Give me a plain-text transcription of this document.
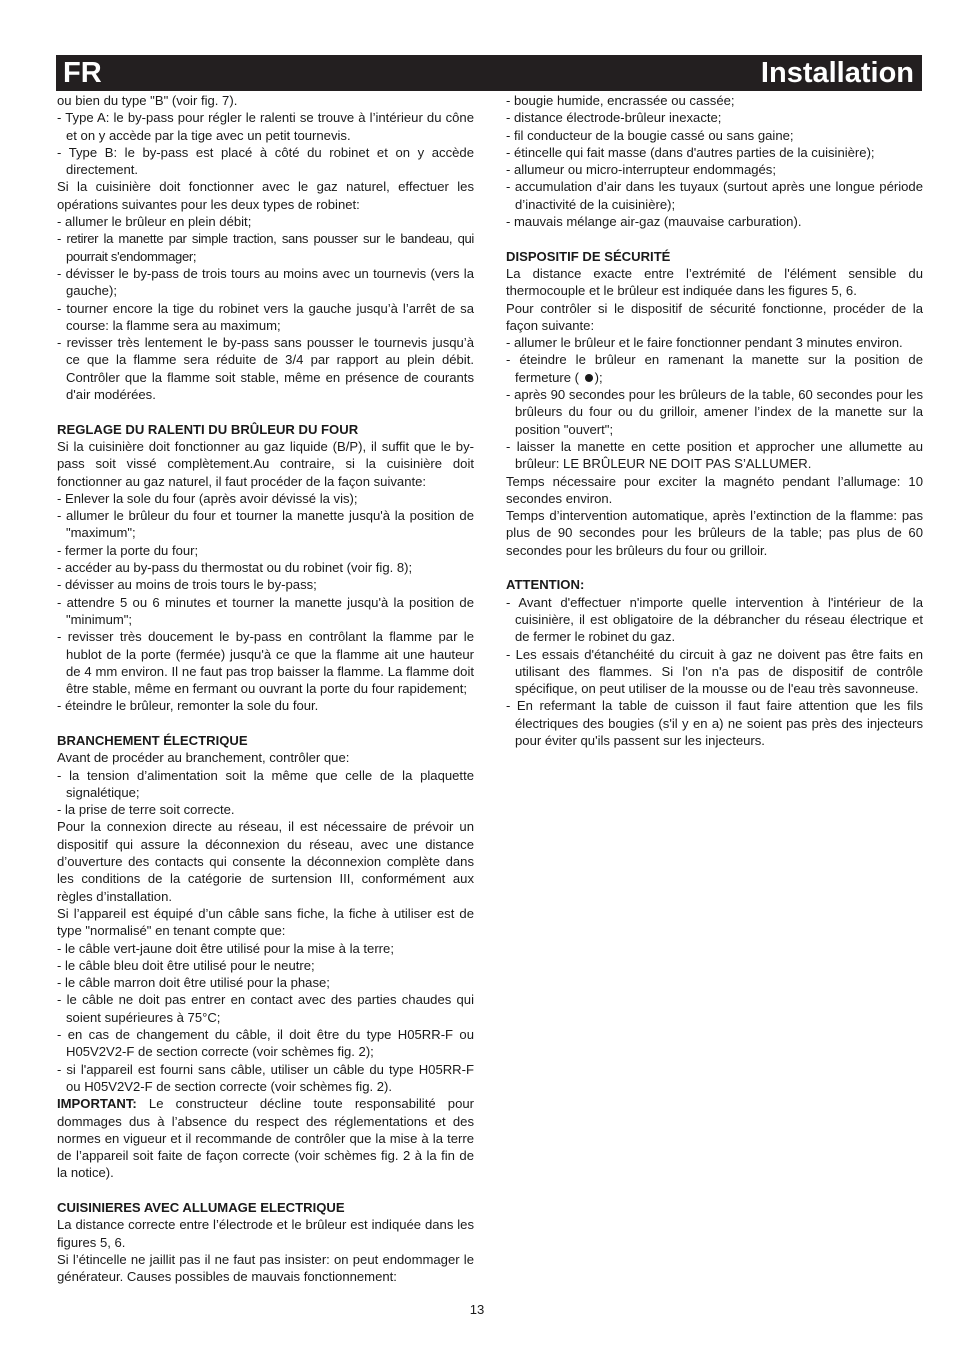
FR	Installation

ou bien du type "B" (voir fig. 7).

- Type A: le by-pass pour régler le ralenti se trouve à l’intérieur du cône et on y accède par la tige avec un petit tournevis.

- Type B: le by-pass est placé à côté du robinet et on y accède directement.

Si la cuisinière doit fonctionner avec le gaz naturel, effectuer les opérations suivantes pour les deux types de robinet:

- allumer le brûleur en plein débit;

- retirer la manette par simple traction, sans pousser sur le bandeau, qui pourrait s'endommager;

- dévisser le by-pass de trois tours au moins avec un tournevis (vers la gauche);

- tourner encore la tige du robinet vers la gauche jusqu’à l’arrêt de sa course: la flamme sera au maximum;

- revisser très lentement le by-pass sans pousser le tournevis jusqu’à ce que la flamme sera réduite de 3/4 par rapport au plein débit. Contrôler que la flamme soit stable, même en présence de courants d'air modérées.

REGLAGE DU RALENTI DU BRÛLEUR DU FOUR

Si la cuisinière doit fonctionner au gaz liquide (B/P), il suffit que le by-pass soit vissé complètement.Au contraire, si la cuisinière doit fonctionner au gaz naturel, il faut procéder de la façon suivante:

- Enlever la sole du four (après avoir dévissé la vis);

- allumer le brûleur du four et tourner la manette jusqu'à la position de "maximum";

- fermer la porte du four;

- accéder au by-pass du thermostat ou du robinet (voir fig. 8);

- dévisser au moins de trois tours le by-pass;

- attendre 5 ou 6 minutes et tourner la manette jusqu'à la position de "minimum";

- revisser très doucement le by-pass en contrôlant la flamme par le hublot de la porte (fermée) jusqu'à ce que la flamme ait une hauteur de 4 mm environ. Il ne faut pas trop baisser la flamme. La flamme doit être stable, même en fermant ou ouvrant la porte du four rapidement;

- éteindre le brûleur, remonter la sole du four.

BRANCHEMENT ÉLECTRIQUE

Avant de procéder au branchement, contrôler que:

- la tension d’alimentation soit la même que celle de la plaquette signalétique;

- la prise de terre soit correcte.

Pour la connexion directe au réseau, il est nécessaire de prévoir un dispositif qui assure la déconnexion du réseau, avec une distance d’ouverture des contacts qui consente la déconnexion complète dans les conditions de la catégorie de surtension III, conformément aux règles d’installation.

Si l’appareil est équipé d’un câble sans fiche, la fiche à utiliser est de type "normalisé" en tenant compte que:

- le câble vert-jaune doit être utilisé pour la mise à la terre;

- le câble bleu doit être utilisé pour le neutre;

- le câble marron doit être utilisé pour la phase;

- le câble ne doit pas entrer en contact avec des parties chaudes qui soient supérieures à 75°C;

- en cas de changement du câble, il doit être du type H05RR-F ou H05V2V2-F de section correcte (voir schèmes fig. 2);

- si l'appareil est fourni sans câble, utiliser un câble du type H05RR-F ou H05V2V2-F de section correcte (voir schèmes fig. 2).

IMPORTANT: Le constructeur décline toute responsabilité pour dommages dus à l’absence du respect des réglementations et des normes en vigueur et il recommande de contrôler que la mise à la terre de l’appareil soit faite de façon correcte (voir schèmes fig. 2 à la fin de la notice).

CUISINIERES AVEC ALLUMAGE ELECTRIQUE

La distance correcte entre l’électrode et le brûleur est indiquée dans les figures 5, 6.

Si l’étincelle ne jaillit pas il ne faut pas insister: on peut endommager le générateur. Causes possibles de mauvais fonctionnement:

- bougie humide, encrassée ou cassée;

- distance électrode-brûleur inexacte;

- fil conducteur de la bougie cassé ou sans gaine;

- étincelle qui fait masse (dans d'autres parties de la cuisinière);

- allumeur ou micro-interrupteur endommagés;

- accumulation d’air dans les tuyaux (surtout après une longue période d’inactivité de la cuisinière);

- mauvais mélange air-gaz (mauvaise carburation).

DISPOSITIF DE SÉCURITÉ

La distance exacte entre l’extrémité de l'élément sensible du thermocouple et le brûleur est indiquée dans les figures 5, 6.

Pour contrôler si le dispositif de sécurité fonctionne, procéder de la façon suivante:

- allumer le brûleur et le faire fonctionner pendant 3 minutes environ.

- éteindre le brûleur en ramenant la manette sur la position de fermeture ( );

- après 90 secondes pour les brûleurs de la table, 60 secondes pour les brûleurs du four ou du grilloir, amener l’index de la manette sur la position "ouvert";

- laisser la manette en cette position et approcher une allumette au brûleur: LE BRÛLEUR NE DOIT PAS S’ALLUMER.

Temps nécessaire pour exciter la magnéto pendant l’allumage: 10 secondes environ.

Temps d’intervention automatique, après l’extinction de la flamme: pas plus de 90 secondes pour les brûleurs de la table; pas plus de 60 secondes pour les brûleurs du four ou grilloir.

ATTENTION:

- Avant d'effectuer n'importe quelle intervention à l'intérieur de la cuisinière, il est obligatoire de la débrancher du réseau électrique et de fermer le robinet du gaz.

- Les essais d'étanchéité du circuit à gaz ne doivent pas être faits en utilisant des flammes. Si l'on n'a pas de dispositif de contrôle spécifique, on peut utiliser de la mousse ou de l'eau très savonneuse.

- En refermant la table de cuisson il faut faire attention que les fils électriques des bougies (s'il y en a) ne soient pas près des injecteurs pour éviter qu'ils passent sur les injecteurs.

13
